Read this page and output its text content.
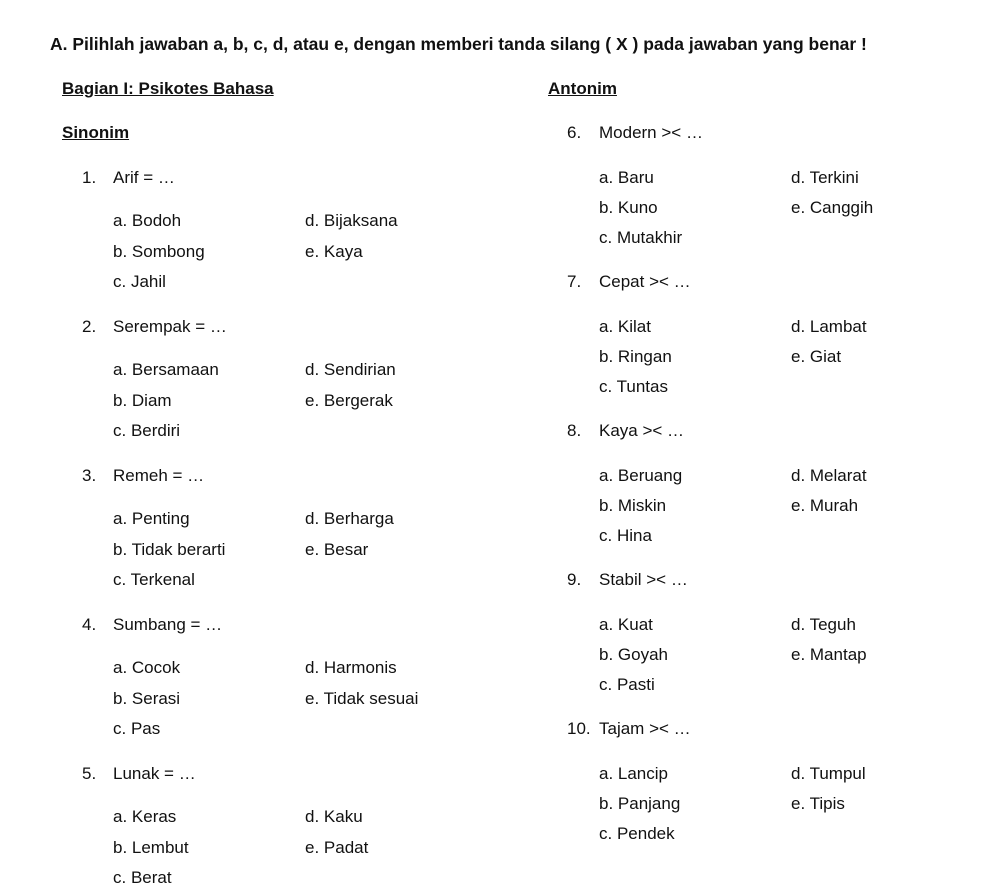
A. Pilihlah jawaban a, b, c, d, atau e, dengan memberi tanda silang ( X ) pada jawaban yang benar !
Bagian I: Psikotes Bahasa	Antonim
Sinonim
1. Arif = …
a. Bodoh
b. Sombong
c. Jahil
d. Bijaksana
e. Kaya
2. Serempak = …
a. Bersamaan
b. Diam
c. Berdiri
d. Sendirian
e. Bergerak
3. Remeh = …
a. Penting
b. Tidak berarti
c. Terkenal
d. Berharga
e. Besar
4. Sumbang = …
a. Cocok
b. Serasi
c. Pas
d. Harmonis
e. Tidak sesuai
5. Lunak = …
a. Keras
b. Lembut
c. Berat
d. Kaku
e. Padat
6. Modern >< …
a. Baru
b. Kuno
c. Mutakhir
d. Terkini
e. Canggih
7. Cepat >< …
a. Kilat
b. Ringan
c. Tuntas
d. Lambat
e. Giat
8. Kaya >< …
a. Beruang
b. Miskin
c. Hina
d. Melarat
e. Murah
9. Stabil >< …
a. Kuat
b. Goyah
c. Pasti
d. Teguh
e. Mantap
10. Tajam >< …
a. Lancip
b. Panjang
c. Pendek
d. Tumpul
e. Tipis
